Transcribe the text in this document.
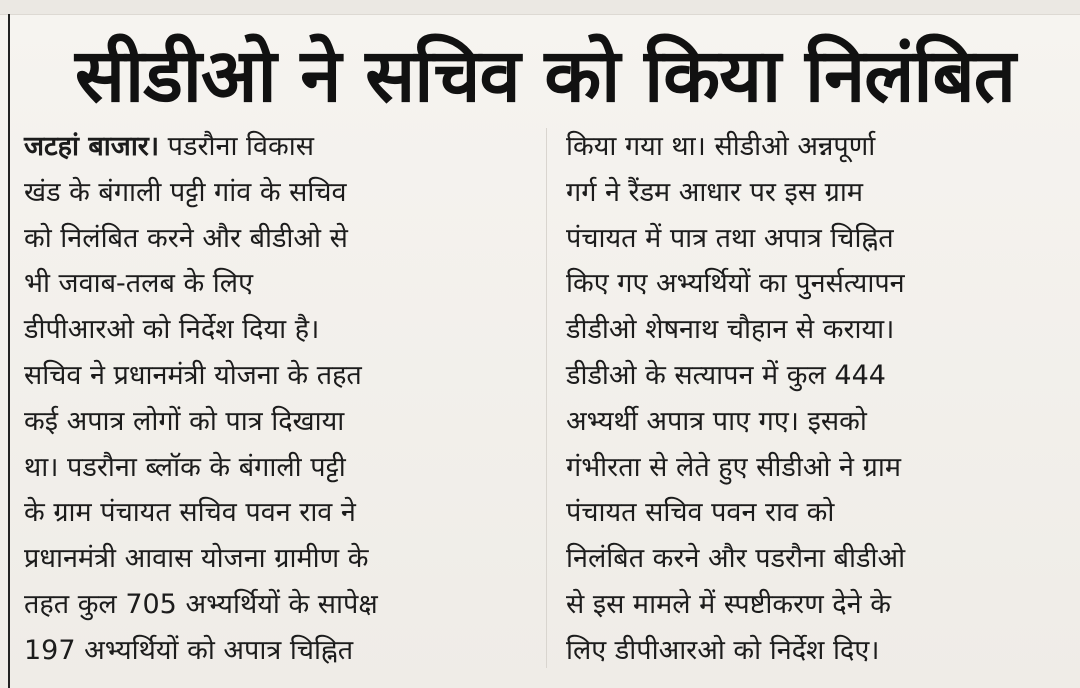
सीडीओ ने सचिव को किया निलंबित
जटहां बाजार। पडरौना विकास
खंड के बंगाली पट्टी गांव के सचिव
को निलंबित करने और बीडीओ से
भी जवाब-तलब के लिए
डीपीआरओ को निर्देश दिया है।
सचिव ने प्रधानमंत्री योजना के तहत
कई अपात्र लोगों को पात्र दिखाया
था। पडरौना ब्लॉक के बंगाली पट्टी
के ग्राम पंचायत सचिव पवन राव ने
प्रधानमंत्री आवास योजना ग्रामीण के
तहत कुल 705 अभ्यर्थियों के सापेक्ष
197 अभ्यर्थियों को अपात्र चिह्नित
किया गया था। सीडीओ अन्नपूर्णा
गर्ग ने रैंडम आधार पर इस ग्राम
पंचायत में पात्र तथा अपात्र चिह्नित
किए गए अभ्यर्थियों का पुनर्सत्यापन
डीडीओ शेषनाथ चौहान से कराया।
डीडीओ के सत्यापन में कुल 444
अभ्यर्थी अपात्र पाए गए। इसको
गंभीरता से लेते हुए सीडीओ ने ग्राम
पंचायत सचिव पवन राव को
निलंबित करने और पडरौना बीडीओ
से इस मामले में स्पष्टीकरण देने के
लिए डीपीआरओ को निर्देश दिए।
